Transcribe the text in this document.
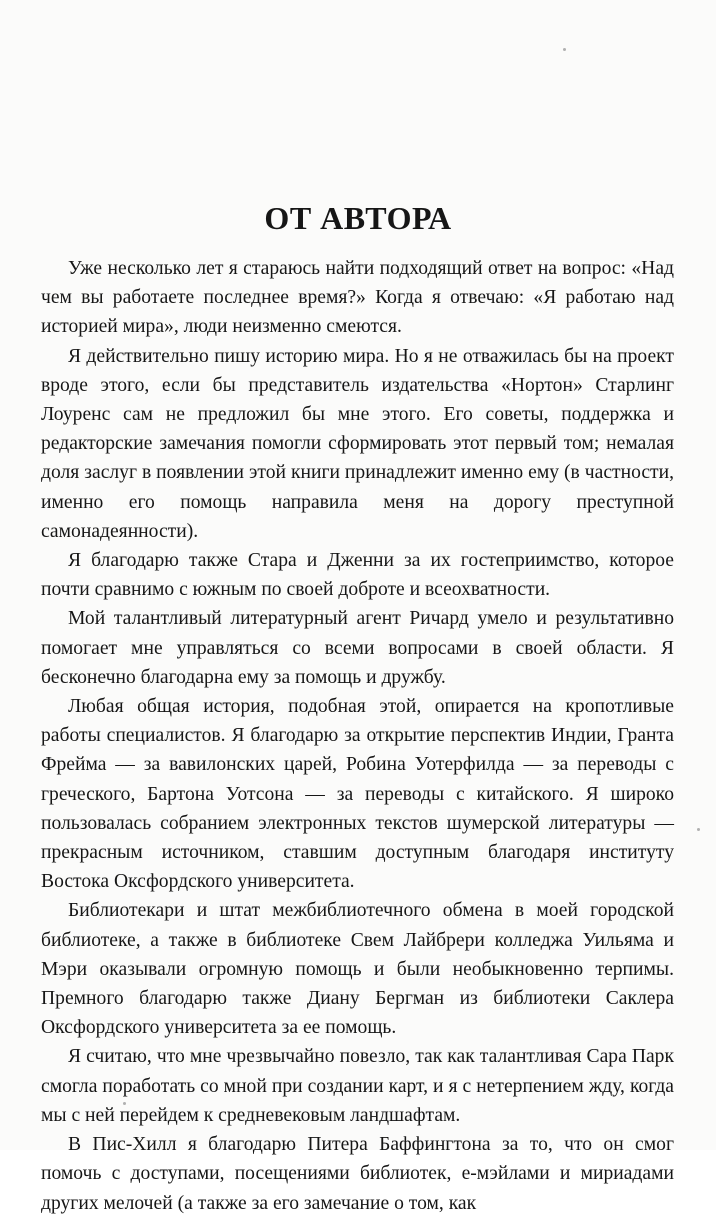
ОТ АВТОРА

Уже несколько лет я стараюсь найти подходящий ответ на вопрос: «Над чем вы работаете последнее время?» Когда я отвечаю: «Я работаю над историей мира», люди неизменно смеются.

Я действительно пишу историю мира. Но я не отважилась бы на проект вроде этого, если бы представитель издательства «Нортон» Старлинг Лоуренс сам не предложил бы мне этого. Его советы, поддержка и редакторские замечания помогли сформировать этот первый том; немалая доля заслуг в появлении этой книги принадлежит именно ему (в частности, именно его помощь направила меня на дорогу преступной самонадеянности).

Я благодарю также Стара и Дженни за их гостеприимство, которое почти сравнимо с южным по своей доброте и всеохватности.

Мой талантливый литературный агент Ричард умело и результативно помогает мне управляться со всеми вопросами в своей области. Я бесконечно благодарна ему за помощь и дружбу.

Любая общая история, подобная этой, опирается на кропотливые работы специалистов. Я благодарю за открытие перспектив Индии, Гранта Фрейма — за вавилонских царей, Робина Уотерфилда — за переводы с греческого, Бартона Уотсона — за переводы с китайского. Я широко пользовалась собранием электронных текстов шумерской литературы — прекрасным источником, ставшим доступным благодаря институту Востока Оксфордского университета.

Библиотекари и штат межбиблиотечного обмена в моей городской библиотеке, а также в библиотеке Свем Лайбрери колледжа Уильяма и Мэри оказывали огромную помощь и были необыкновенно терпимы. Премного благодарю также Диану Бергман из библиотеки Саклера Оксфордского университета за ее помощь.

Я считаю, что мне чрезвычайно повезло, так как талантливая Сара Парк смогла поработать со мной при создании карт, и я с нетерпением жду, когда мы с ней перейдем к средневековым ландшафтам.

В Пис-Хилл я благодарю Питера Баффингтона за то, что он смог помочь с доступами, посещениями библиотек, е-мэйлами и мириадами других мелочей (а также за его замечание о том, как
